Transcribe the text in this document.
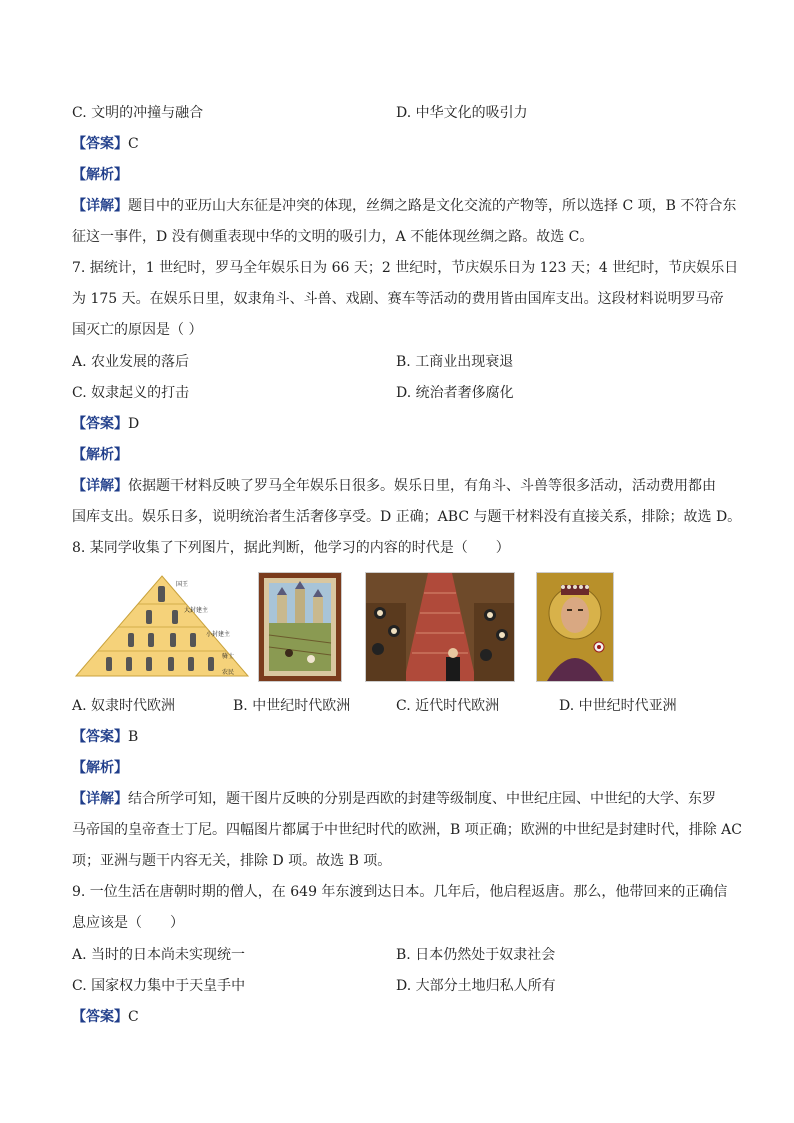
C. 文明的冲撞与融合	D. 中华文化的吸引力
【答案】C
【解析】
【详解】题目中的亚历山大东征是冲突的体现，丝绸之路是文化交流的产物等，所以选择 C 项，B 不符合东
征这一事件，D 没有侧重表现中华的文明的吸引力，A 不能体现丝绸之路。故选 C。
7. 据统计，1 世纪时，罗马全年娱乐日为 66 天；2 世纪时，节庆娱乐日为 123 天；4 世纪时，节庆娱乐日
为 175 天。在娱乐日里，奴隶角斗、斗兽、戏剧、赛车等活动的费用皆由国库支出。这段材料说明罗马帝
国灭亡的原因是（ ）
A. 农业发展的落后	B. 工商业出现衰退
C. 奴隶起义的打击	D. 统治者奢侈腐化
【答案】D
【解析】
【详解】依据题干材料反映了罗马全年娱乐日很多。娱乐日里，有角斗、斗兽等很多活动，活动费用都由
国库支出。娱乐日多，说明统治者生活奢侈享受。D 正确；ABC 与题干材料没有直接关系，排除；故选 D。
8. 某同学收集了下列图片，据此判断，他学习的内容的时代是（　　）
国王
大封建主
小封建主
骑士
农民
A. 奴隶时代欧洲	B. 中世纪时代欧洲	C. 近代时代欧洲	D. 中世纪时代亚洲
【答案】B
【解析】
【详解】结合所学可知，题干图片反映的分别是西欧的封建等级制度、中世纪庄园、中世纪的大学、东罗
马帝国的皇帝查士丁尼。四幅图片都属于中世纪时代的欧洲，B 项正确；欧洲的中世纪是封建时代，排除 AC
项；亚洲与题干内容无关，排除 D 项。故选 B 项。
9. 一位生活在唐朝时期的僧人，在 649 年东渡到达日本。几年后，他启程返唐。那么，他带回来的正确信
息应该是（　　）
A. 当时的日本尚未实现统一	B. 日本仍然处于奴隶社会
C. 国家权力集中于天皇手中	D. 大部分土地归私人所有
【答案】C
